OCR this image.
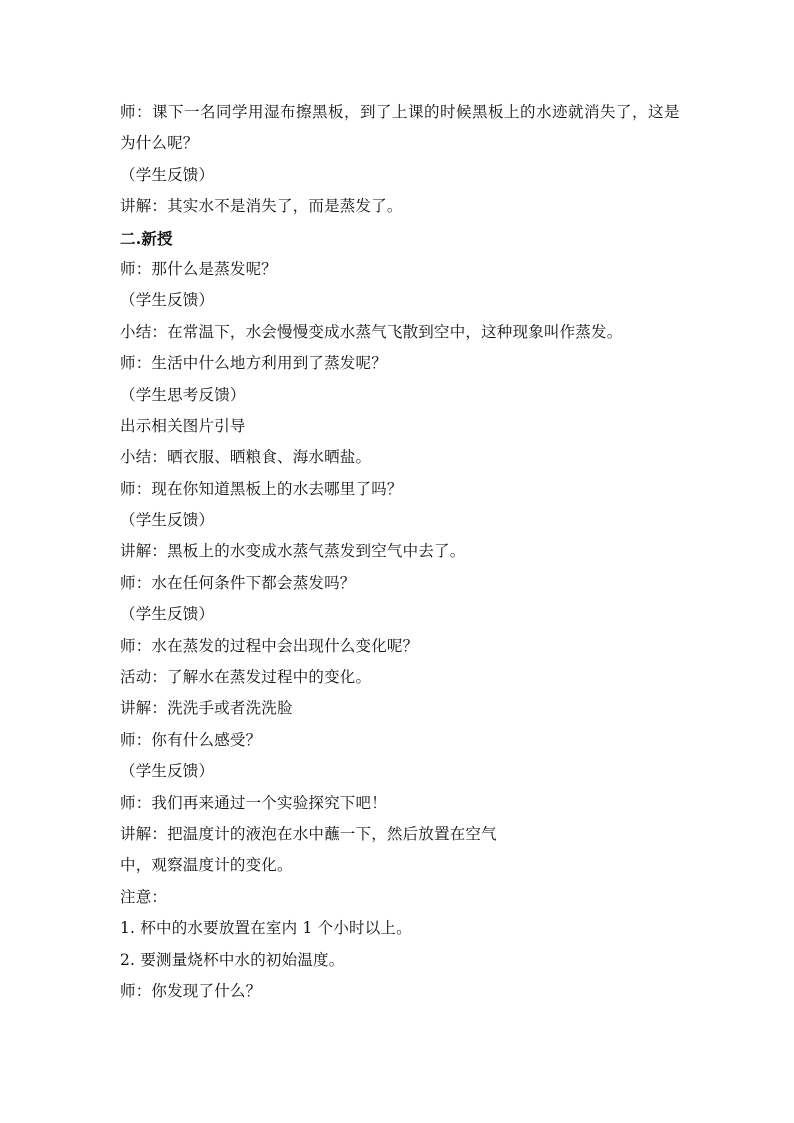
师：课下一名同学用湿布擦黑板，到了上课的时候黑板上的水迹就消失了，这是
为什么呢？
（学生反馈）
讲解：其实水不是消失了，而是蒸发了。
二.新授
师：那什么是蒸发呢？
（学生反馈）
小结：在常温下，水会慢慢变成水蒸气飞散到空中，这种现象叫作蒸发。
师：生活中什么地方利用到了蒸发呢？
（学生思考反馈）
出示相关图片引导
小结：晒衣服、晒粮食、海水晒盐。
师：现在你知道黑板上的水去哪里了吗？
（学生反馈）
讲解：黑板上的水变成水蒸气蒸发到空气中去了。
师：水在任何条件下都会蒸发吗？
（学生反馈）
师：水在蒸发的过程中会出现什么变化呢？
活动：了解水在蒸发过程中的变化。
讲解：洗洗手或者洗洗脸
师：你有什么感受？
（学生反馈）
师：我们再来通过一个实验探究下吧！
讲解：把温度计的液泡在水中蘸一下，然后放置在空气
中，观察温度计的变化。
注意：
1. 杯中的水要放置在室内 1 个小时以上。
2. 要测量烧杯中水的初始温度。
师：你发现了什么？
